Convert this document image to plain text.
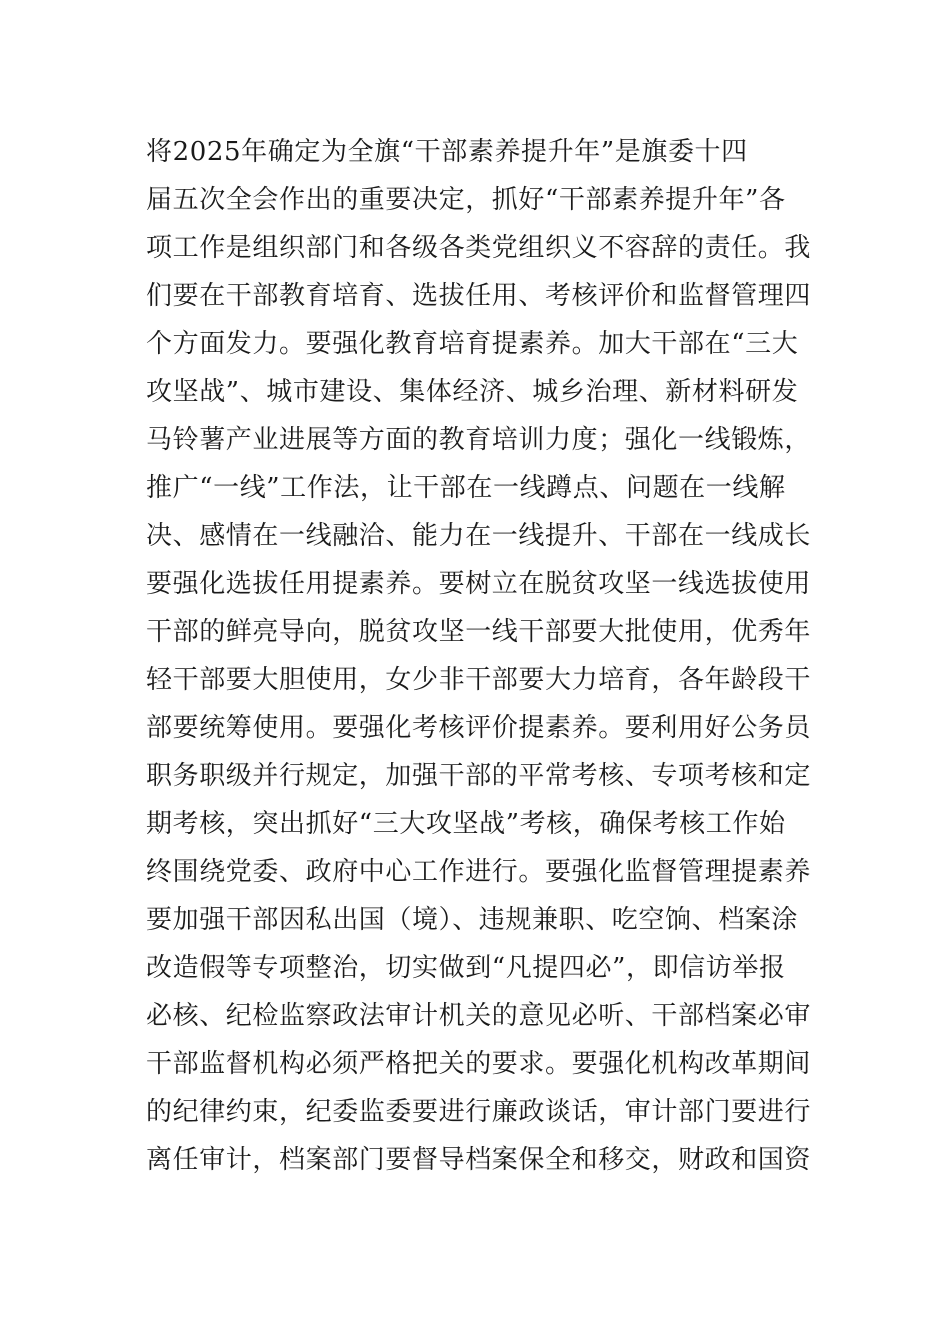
将2025年确定为全旗“干部素养提升年”是旗委十四
届五次全会作出的重要决定，抓好“干部素养提升年”各
项工作是组织部门和各级各类党组织义不容辞的责任。我
们要在干部教育培育、选拔任用、考核评价和监督管理四
个方面发力。要强化教育培育提素养。加大干部在“三大
攻坚战”、城市建设、集体经济、城乡治理、新材料研发
马铃薯产业进展等方面的教育培训力度；强化一线锻炼，
推广“一线”工作法，让干部在一线蹲点、问题在一线解
决、感情在一线融洽、能力在一线提升、干部在一线成长
要强化选拔任用提素养。要树立在脱贫攻坚一线选拔使用
干部的鲜亮导向，脱贫攻坚一线干部要大批使用，优秀年
轻干部要大胆使用，女少非干部要大力培育，各年龄段干
部要统筹使用。要强化考核评价提素养。要利用好公务员
职务职级并行规定，加强干部的平常考核、专项考核和定
期考核，突出抓好“三大攻坚战”考核，确保考核工作始
终围绕党委、政府中心工作进行。要强化监督管理提素养
要加强干部因私出国（境）、违规兼职、吃空饷、档案涂
改造假等专项整治，切实做到“凡提四必”，即信访举报
必核、纪检监察政法审计机关的意见必听、干部档案必审
干部监督机构必须严格把关的要求。要强化机构改革期间
的纪律约束，纪委监委要进行廉政谈话，审计部门要进行
离任审计，档案部门要督导档案保全和移交，财政和国资
